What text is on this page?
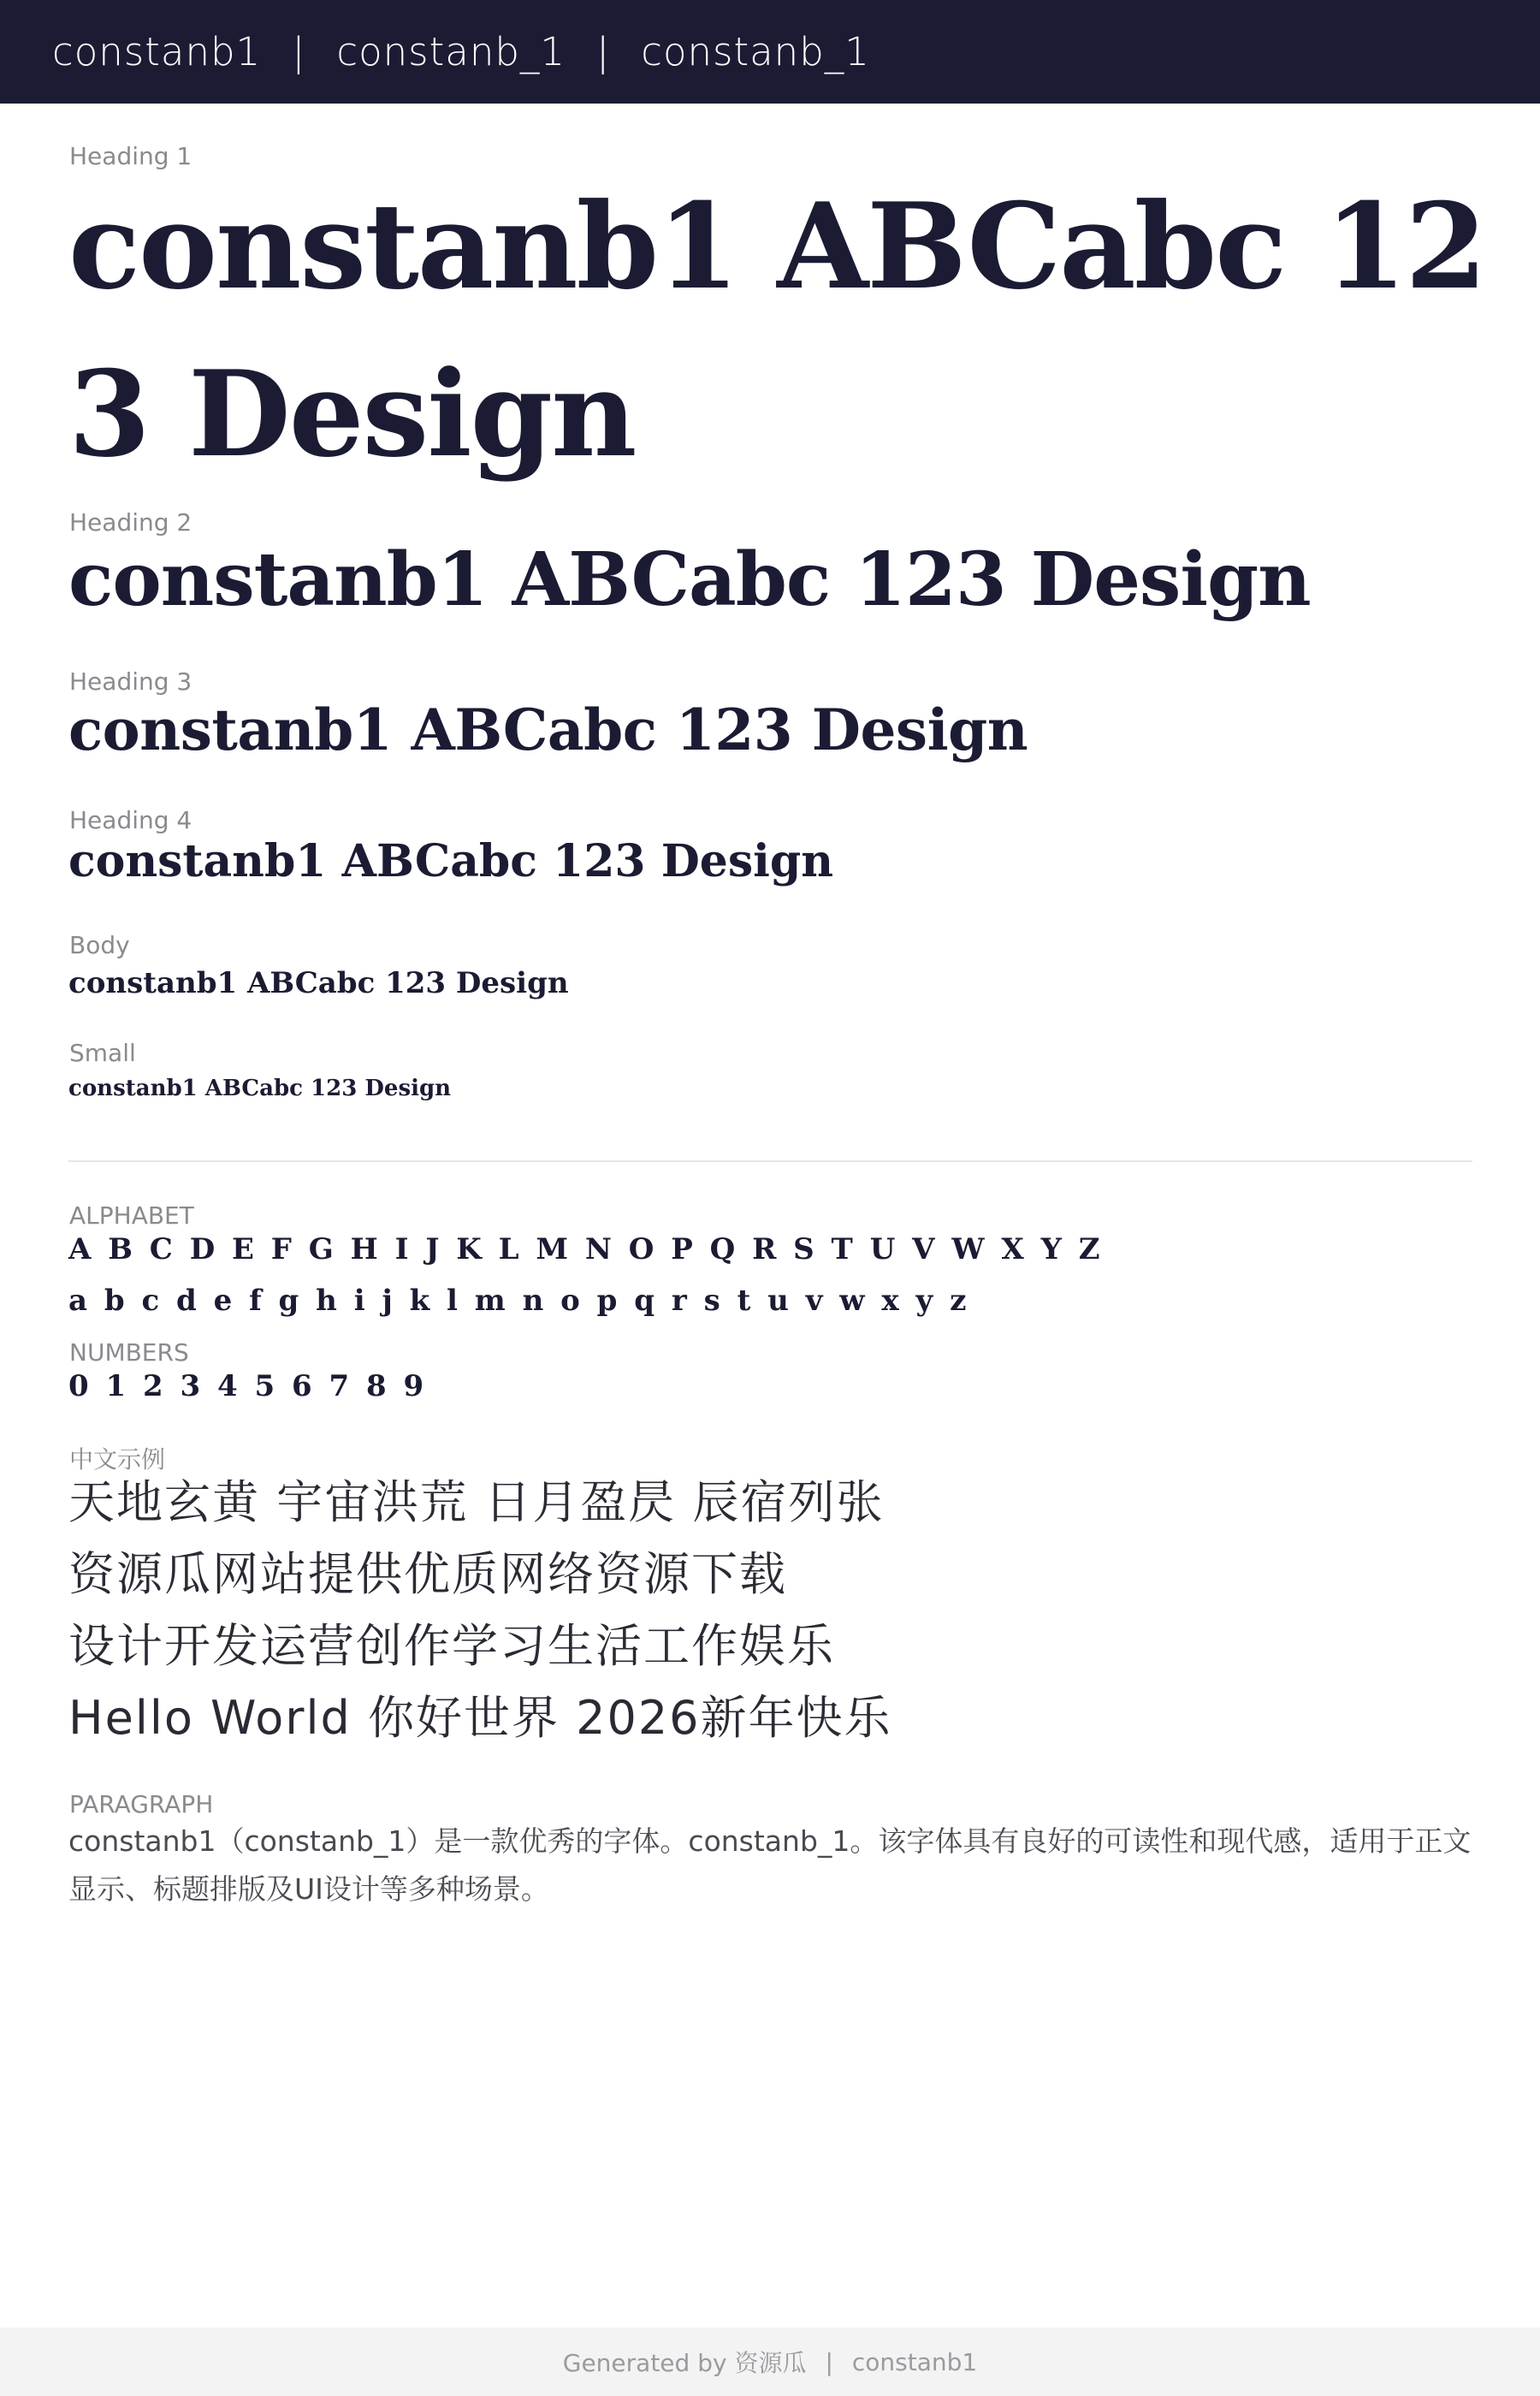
constanb1 | constanb_1 | constanb_1
Heading 1
constanb1 ABCabc 123 Design
Heading 2
constanb1 ABCabc 123 Design
Heading 3
constanb1 ABCabc 123 Design
Heading 4
constanb1 ABCabc 123 Design
Body
constanb1 ABCabc 123 Design
Small
constanb1 ABCabc 123 Design
ALPHABET
A B C D E F G H I J K L M N O P Q R S T U V W X Y Z
a b c d e f g h i j k l m n o p q r s t u v w x y z
NUMBERS
0 1 2 3 4 5 6 7 8 9
中文示例
天地玄黄 宇宙洪荒 日月盈昃 辰宿列张
资源瓜网站提供优质网络资源下载
设计开发运营创作学习生活工作娱乐
Hello World 你好世界 2026新年快乐
PARAGRAPH
constanb1（constanb_1）是一款优秀的字体。constanb_1。该字体具有良好的可读性和现代感，适用于正文显示、标题排版及UI设计等多种场景。
Generated by 资源瓜 | constanb1
